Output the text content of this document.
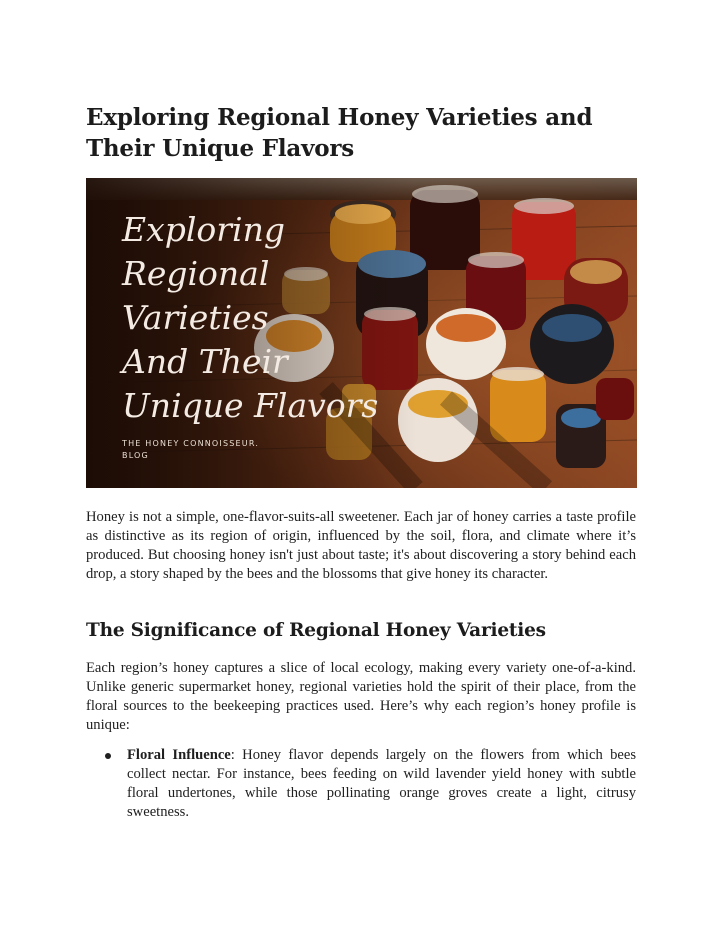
Exploring Regional Honey Varieties and Their Unique Flavors
Exploring
Regional
Varieties
And Their
Unique Flavors
THE HONEY CONNOISSEUR.
BLOG

Honey is not a simple, one-flavor-suits-all sweetener. Each jar of honey carries a taste profile as distinctive as its region of origin, influenced by the soil, flora, and climate where it’s produced. But choosing honey isn't just about taste; it's about discovering a story behind each drop, a story shaped by the bees and the blossoms that give honey its character.

The Significance of Regional Honey Varieties

Each region’s honey captures a slice of local ecology, making every variety one-of-a-kind. Unlike generic supermarket honey, regional varieties hold the spirit of their place, from the floral sources to the beekeeping practices used. Here’s why each region’s honey profile is unique:

Floral Influence: Honey flavor depends largely on the flowers from which bees collect nectar. For instance, bees feeding on wild lavender yield honey with subtle floral undertones, while those pollinating orange groves create a light, citrusy sweetness.
